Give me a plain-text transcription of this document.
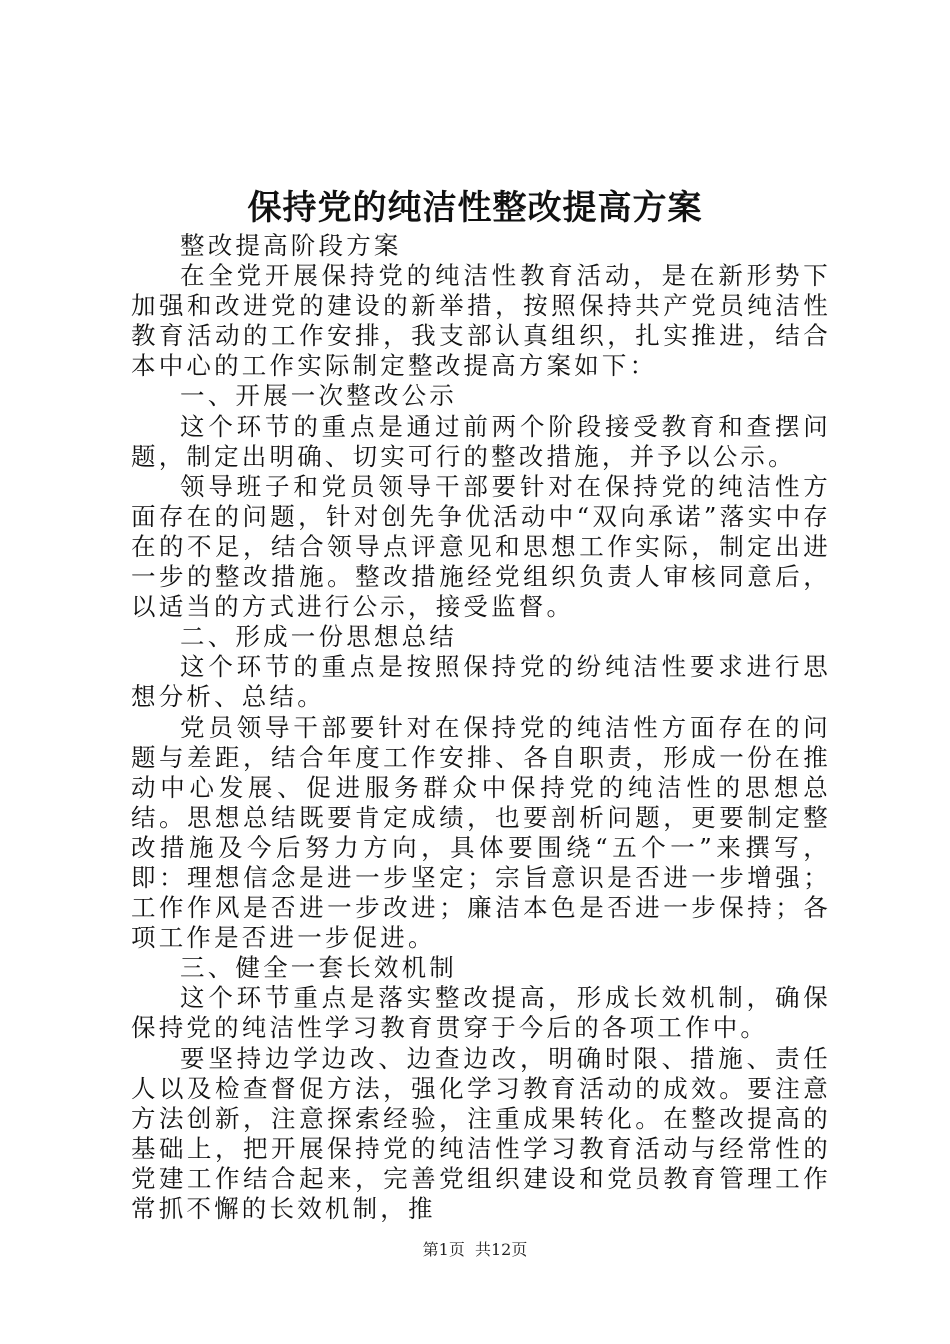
保持党的纯洁性整改提高方案

整改提高阶段方案

在全党开展保持党的纯洁性教育活动，是在新形势下加强和改进党的建设的新举措，按照保持共产党员纯洁性教育活动的工作安排，我支部认真组织，扎实推进，结合本中心的工作实际制定整改提高方案如下：

一、开展一次整改公示

这个环节的重点是通过前两个阶段接受教育和查摆问题，制定出明确、切实可行的整改措施，并予以公示。

领导班子和党员领导干部要针对在保持党的纯洁性方面存在的问题，针对创先争优活动中“双向承诺”落实中存在的不足，结合领导点评意见和思想工作实际，制定出进一步的整改措施。整改措施经党组织负责人审核同意后，以适当的方式进行公示，接受监督。

二、形成一份思想总结

这个环节的重点是按照保持党的纷纯洁性要求进行思想分析、总结。

党员领导干部要针对在保持党的纯洁性方面存在的问题与差距，结合年度工作安排、各自职责，形成一份在推动中心发展、促进服务群众中保持党的纯洁性的思想总结。思想总结既要肯定成绩，也要剖析问题，更要制定整改措施及今后努力方向，具体要围绕“五个一”来撰写，即：理想信念是进一步坚定；宗旨意识是否进一步增强；工作作风是否进一步改进；廉洁本色是否进一步保持；各项工作是否进一步促进。

三、健全一套长效机制

这个环节重点是落实整改提高，形成长效机制，确保保持党的纯洁性学习教育贯穿于今后的各项工作中。

要坚持边学边改、边查边改，明确时限、措施、责任人以及检查督促方法，强化学习教育活动的成效。要注意方法创新，注意探索经验，注重成果转化。在整改提高的基础上，把开展保持党的纯洁性学习教育活动与经常性的党建工作结合起来，完善党组织建设和党员教育管理工作常抓不懈的长效机制，推

第1页  共12页
